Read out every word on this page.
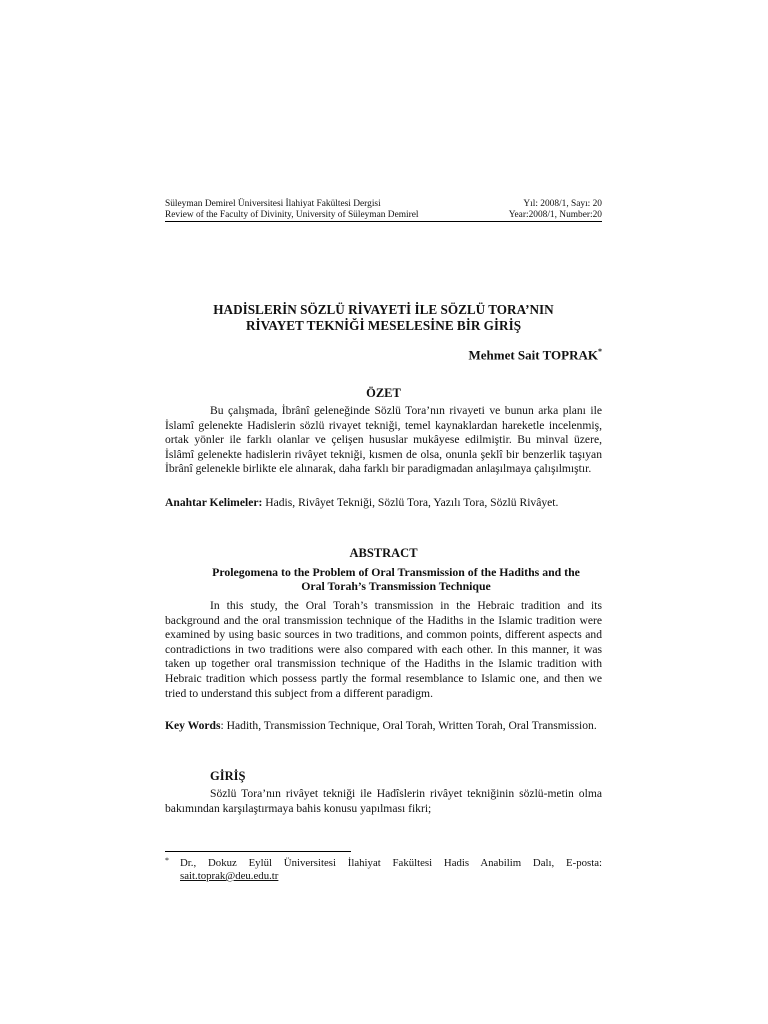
Süleyman Demirel Üniversitesi İlahiyat Fakültesi Dergisi	Yıl: 2008/1, Sayı: 20
Review of the Faculty of Divinity, University of Süleyman Demirel	Year:2008/1, Number:20
HADİSLERİN SÖZLÜ RİVAYETİ İLE SÖZLÜ TORA’NIN
RİVAYET TEKNİĞİ MESELESİNE BİR GİRİŞ
Mehmet Sait TOPRAK*
ÖZET
Bu çalışmada, İbrânî geleneğinde Sözlü Tora’nın rivayeti ve bunun arka planı ile İslamî gelenekte Hadislerin sözlü rivayet tekniği, temel kaynaklardan hareketle incelenmiş, ortak yönler ile farklı olanlar ve çelişen hususlar mukâyese edilmiştir. Bu minval üzere, İslâmî gelenekte hadislerin rivâyet tekniği, kısmen de olsa, onunla şeklî bir benzerlik taşıyan İbrânî gelenekle birlikte ele alınarak, daha farklı bir paradigmadan anlaşılmaya çalışılmıştır.
Anahtar Kelimeler: Hadis, Rivâyet Tekniği, Sözlü Tora, Yazılı Tora, Sözlü Rivâyet.
ABSTRACT
Prolegomena to the Problem of Oral Transmission of the Hadiths and the
Oral Torah’s Transmission Technique
In this study, the Oral Torah’s transmission in the Hebraic tradition and its background and the oral transmission technique of the Hadiths in the Islamic tradition were examined by using basic sources in two traditions, and common points, different aspects and contradictions in two traditions were also compared with each other. In this manner, it was taken up together oral transmission technique of the Hadiths in the Islamic tradition with Hebraic tradition which possess partly the formal resemblance to Islamic one, and then we tried to understand this subject from a different paradigm.
Key Words: Hadith, Transmission Technique, Oral Torah, Written Torah, Oral Transmission.
GİRİŞ
Sözlü Tora’nın rivâyet tekniği ile Hadîslerin rivâyet tekniğinin sözlü-metin olma bakımından karşılaştırmaya bahis konusu yapılması fikri;
* Dr., Dokuz Eylül Üniversitesi İlahiyat Fakültesi Hadis Anabilim Dalı, E-posta: sait.toprak@deu.edu.tr
